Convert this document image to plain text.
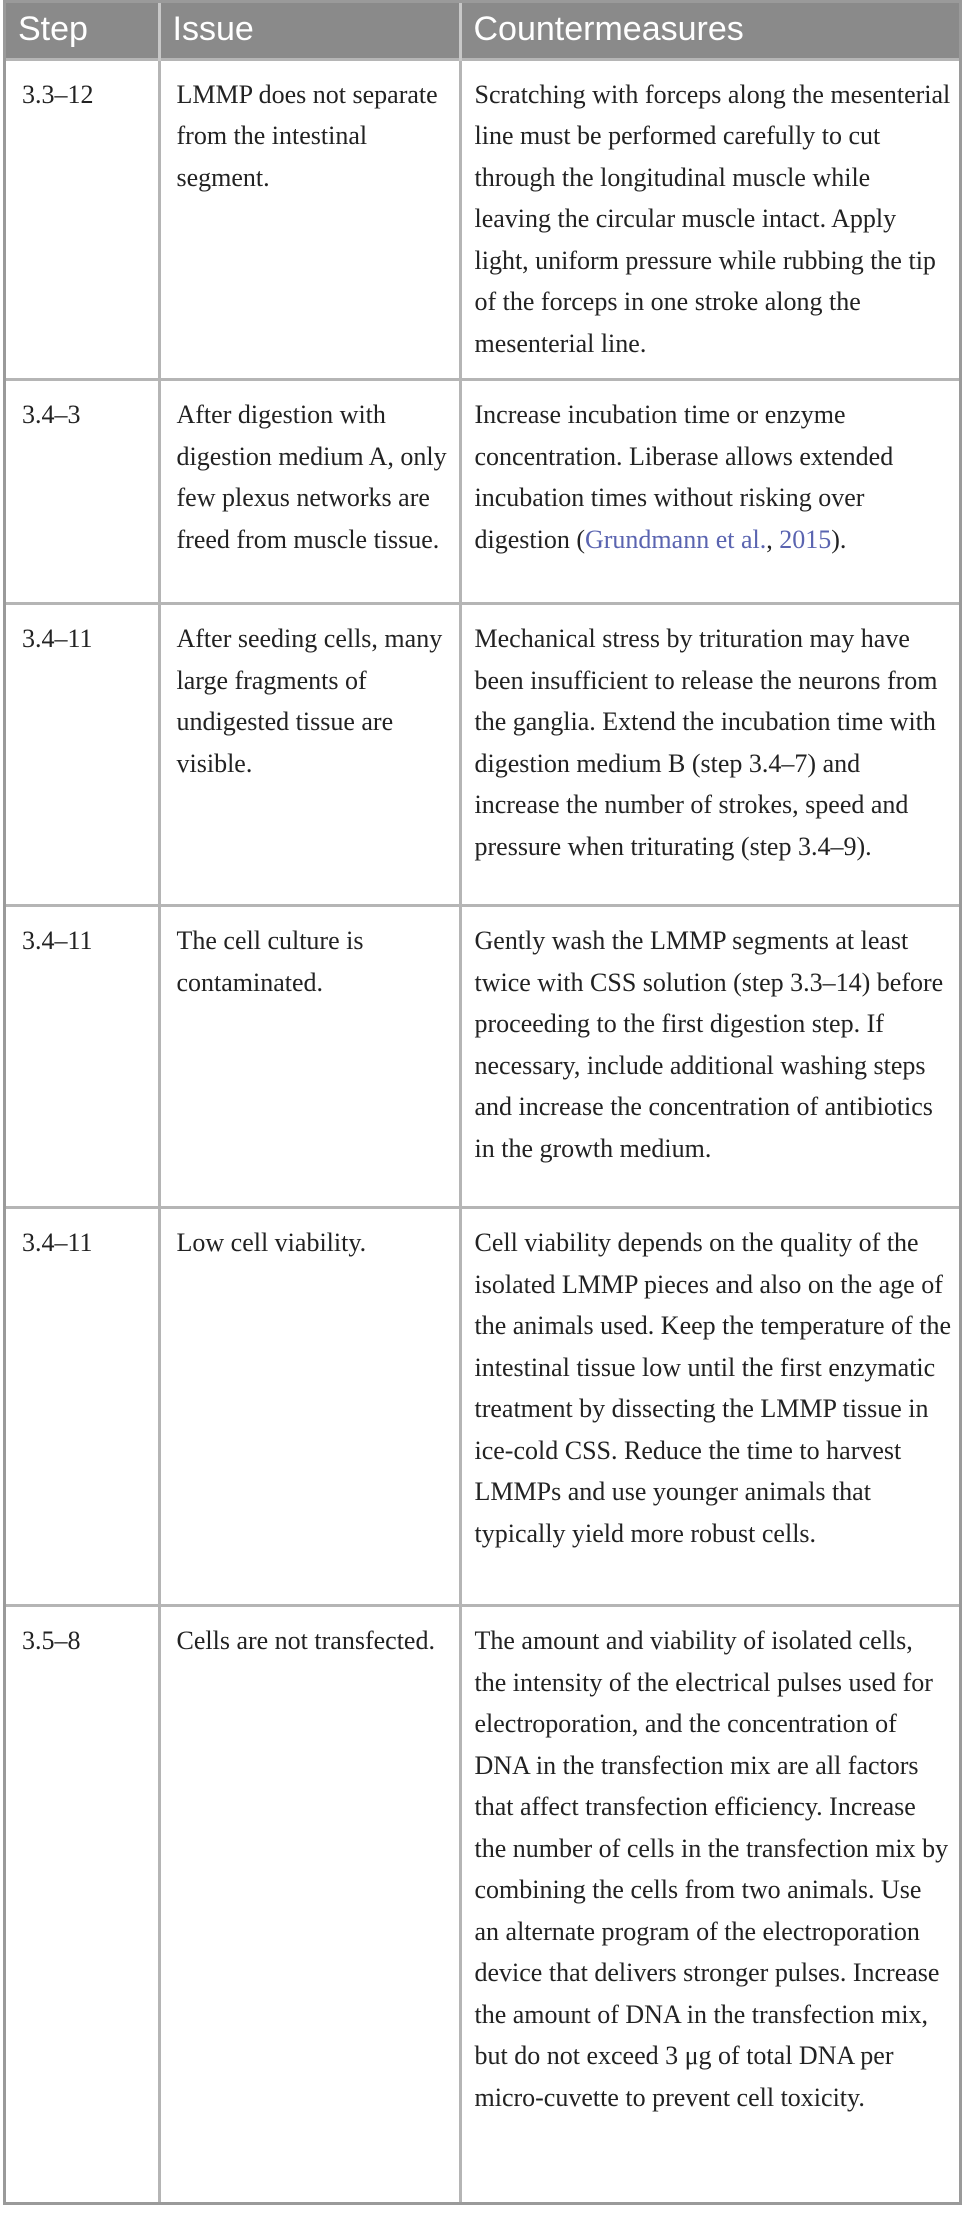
Step	Issue	Countermeasures
3.3–12	LMMP does not separate from the intestinal segment.	Scratching with forceps along the mesenterial line must be performed carefully to cut through the longitudinal muscle while leaving the circular muscle intact. Apply light, uniform pressure while rubbing the tip of the forceps in one stroke along the mesenterial line.
3.4–3	After digestion with digestion medium A, only few plexus networks are freed from muscle tissue.	Increase incubation time or enzyme concentration. Liberase allows extended incubation times without risking over digestion (Grundmann et al., 2015).
3.4–11	After seeding cells, many large fragments of undigested tissue are visible.	Mechanical stress by trituration may have been insufficient to release the neurons from the ganglia. Extend the incubation time with digestion medium B (step 3.4–7) and increase the number of strokes, speed and pressure when triturating (step 3.4–9).
3.4–11	The cell culture is contaminated.	Gently wash the LMMP segments at least twice with CSS solution (step 3.3–14) before proceeding to the first digestion step. If necessary, include additional washing steps and increase the concentration of antibiotics in the growth medium.
3.4–11	Low cell viability.	Cell viability depends on the quality of the isolated LMMP pieces and also on the age of the animals used. Keep the temperature of the intestinal tissue low until the first enzymatic treatment by dissecting the LMMP tissue in ice-cold CSS. Reduce the time to harvest LMMPs and use younger animals that typically yield more robust cells.
3.5–8	Cells are not transfected.	The amount and viability of isolated cells, the intensity of the electrical pulses used for electroporation, and the concentration of DNA in the transfection mix are all factors that affect transfection efficiency. Increase the number of cells in the transfection mix by combining the cells from two animals. Use an alternate program of the electroporation device that delivers stronger pulses. Increase the amount of DNA in the transfection mix, but do not exceed 3 μg of total DNA per micro-cuvette to prevent cell toxicity.
